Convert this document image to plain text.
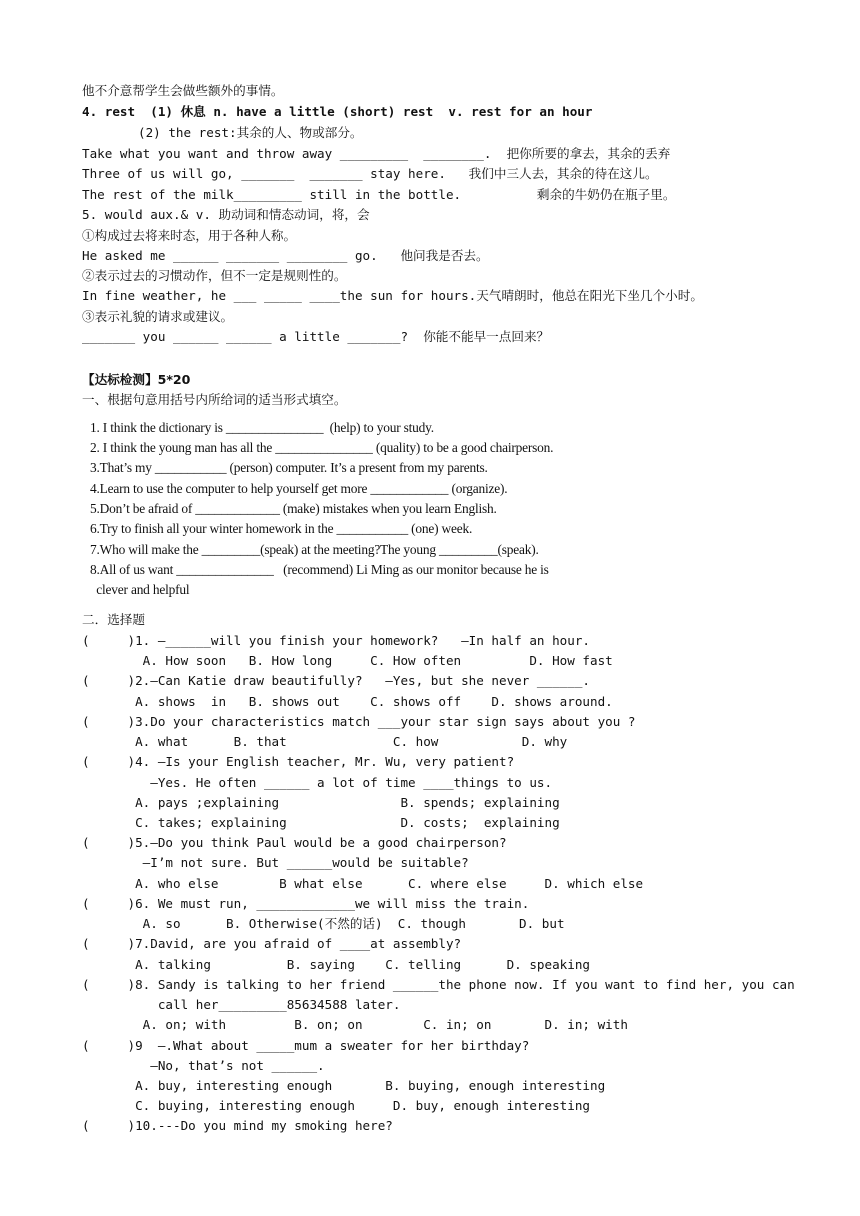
他不介意帮学生会做些额外的事情。
4. rest  (1) 休息 n. have a little (short) rest  v. rest for an hour
(2) the rest:其余的人、物或部分。
Take what you want and throw away _________  ________.  把你所要的拿去，其余的丢弃
Three of us will go, _______  _______ stay here.   我们中三人去，其余的待在这儿。
The rest of the milk_________ still in the bottle.          剩余的牛奶仍在瓶子里。
5. would aux.& v. 助动词和情态动词，将，会
①构成过去将来时态，用于各种人称。
He asked me ______ _______ ________ go.   他问我是否去。
②表示过去的习惯动作，但不一定是规则性的。
In fine weather, he ___ _____ ____the sun for hours.天气晴朗时，他总在阳光下坐几个小时。
③表示礼貌的请求或建议。
_______ you ______ ______ a little _______?  你能不能早一点回来？
【达标检测】5*20
一、根据句意用括号内所给词的适当形式填空。
1. I think the dictionary is _______________  (help) to your study.
2. I think the young man has all the _______________ (quality) to be a good chairperson.
3.That’s my ___________ (person) computer. It’s a present from my parents.
4.Learn to use the computer to help yourself get more ____________ (organize).
5.Don’t be afraid of _____________ (make) mistakes when you learn English.
6.Try to finish all your winter homework in the ___________ (one) week.
7.Who will make the _________(speak) at the meeting?The young _________(speak).
8.All of us want _______________   (recommend) Li Ming as our monitor because he is
clever and helpful
二．选择题
(     )1. —______will you finish your homework?   —In half an hour.
A. How soon   B. How long     C. How often         D. How fast
(     )2.—Can Katie draw beautifully?   —Yes, but she never ______.
A. shows  in   B. shows out    C. shows off    D. shows around.
(     )3.Do your characteristics match ___your star sign says about you ?
A. what      B. that              C. how           D. why
(     )4. —Is your English teacher, Mr. Wu, very patient?
—Yes. He often ______ a lot of time ____things to us.
A. pays ;explaining                B. spends; explaining
C. takes; explaining               D. costs;  explaining
(     )5.—Do you think Paul would be a good chairperson?
—I’m not sure. But ______would be suitable?
A. who else        B what else      C. where else     D. which else
(     )6. We must run, _____________we will miss the train.
A. so      B. Otherwise(不然的话)  C. though       D. but
(     )7.David, are you afraid of ____at assembly?
A. talking          B. saying    C. telling      D. speaking
(     )8. Sandy is talking to her friend ______the phone now. If you want to find her, you can
call her_________85634588 later.
A. on; with         B. on; on        C. in; on       D. in; with
(     )9  —.What about _____mum a sweater for her birthday?
—No, that’s not ______.
A. buy, interesting enough       B. buying, enough interesting
C. buying, interesting enough     D. buy, enough interesting
(     )10.---Do you mind my smoking here?
